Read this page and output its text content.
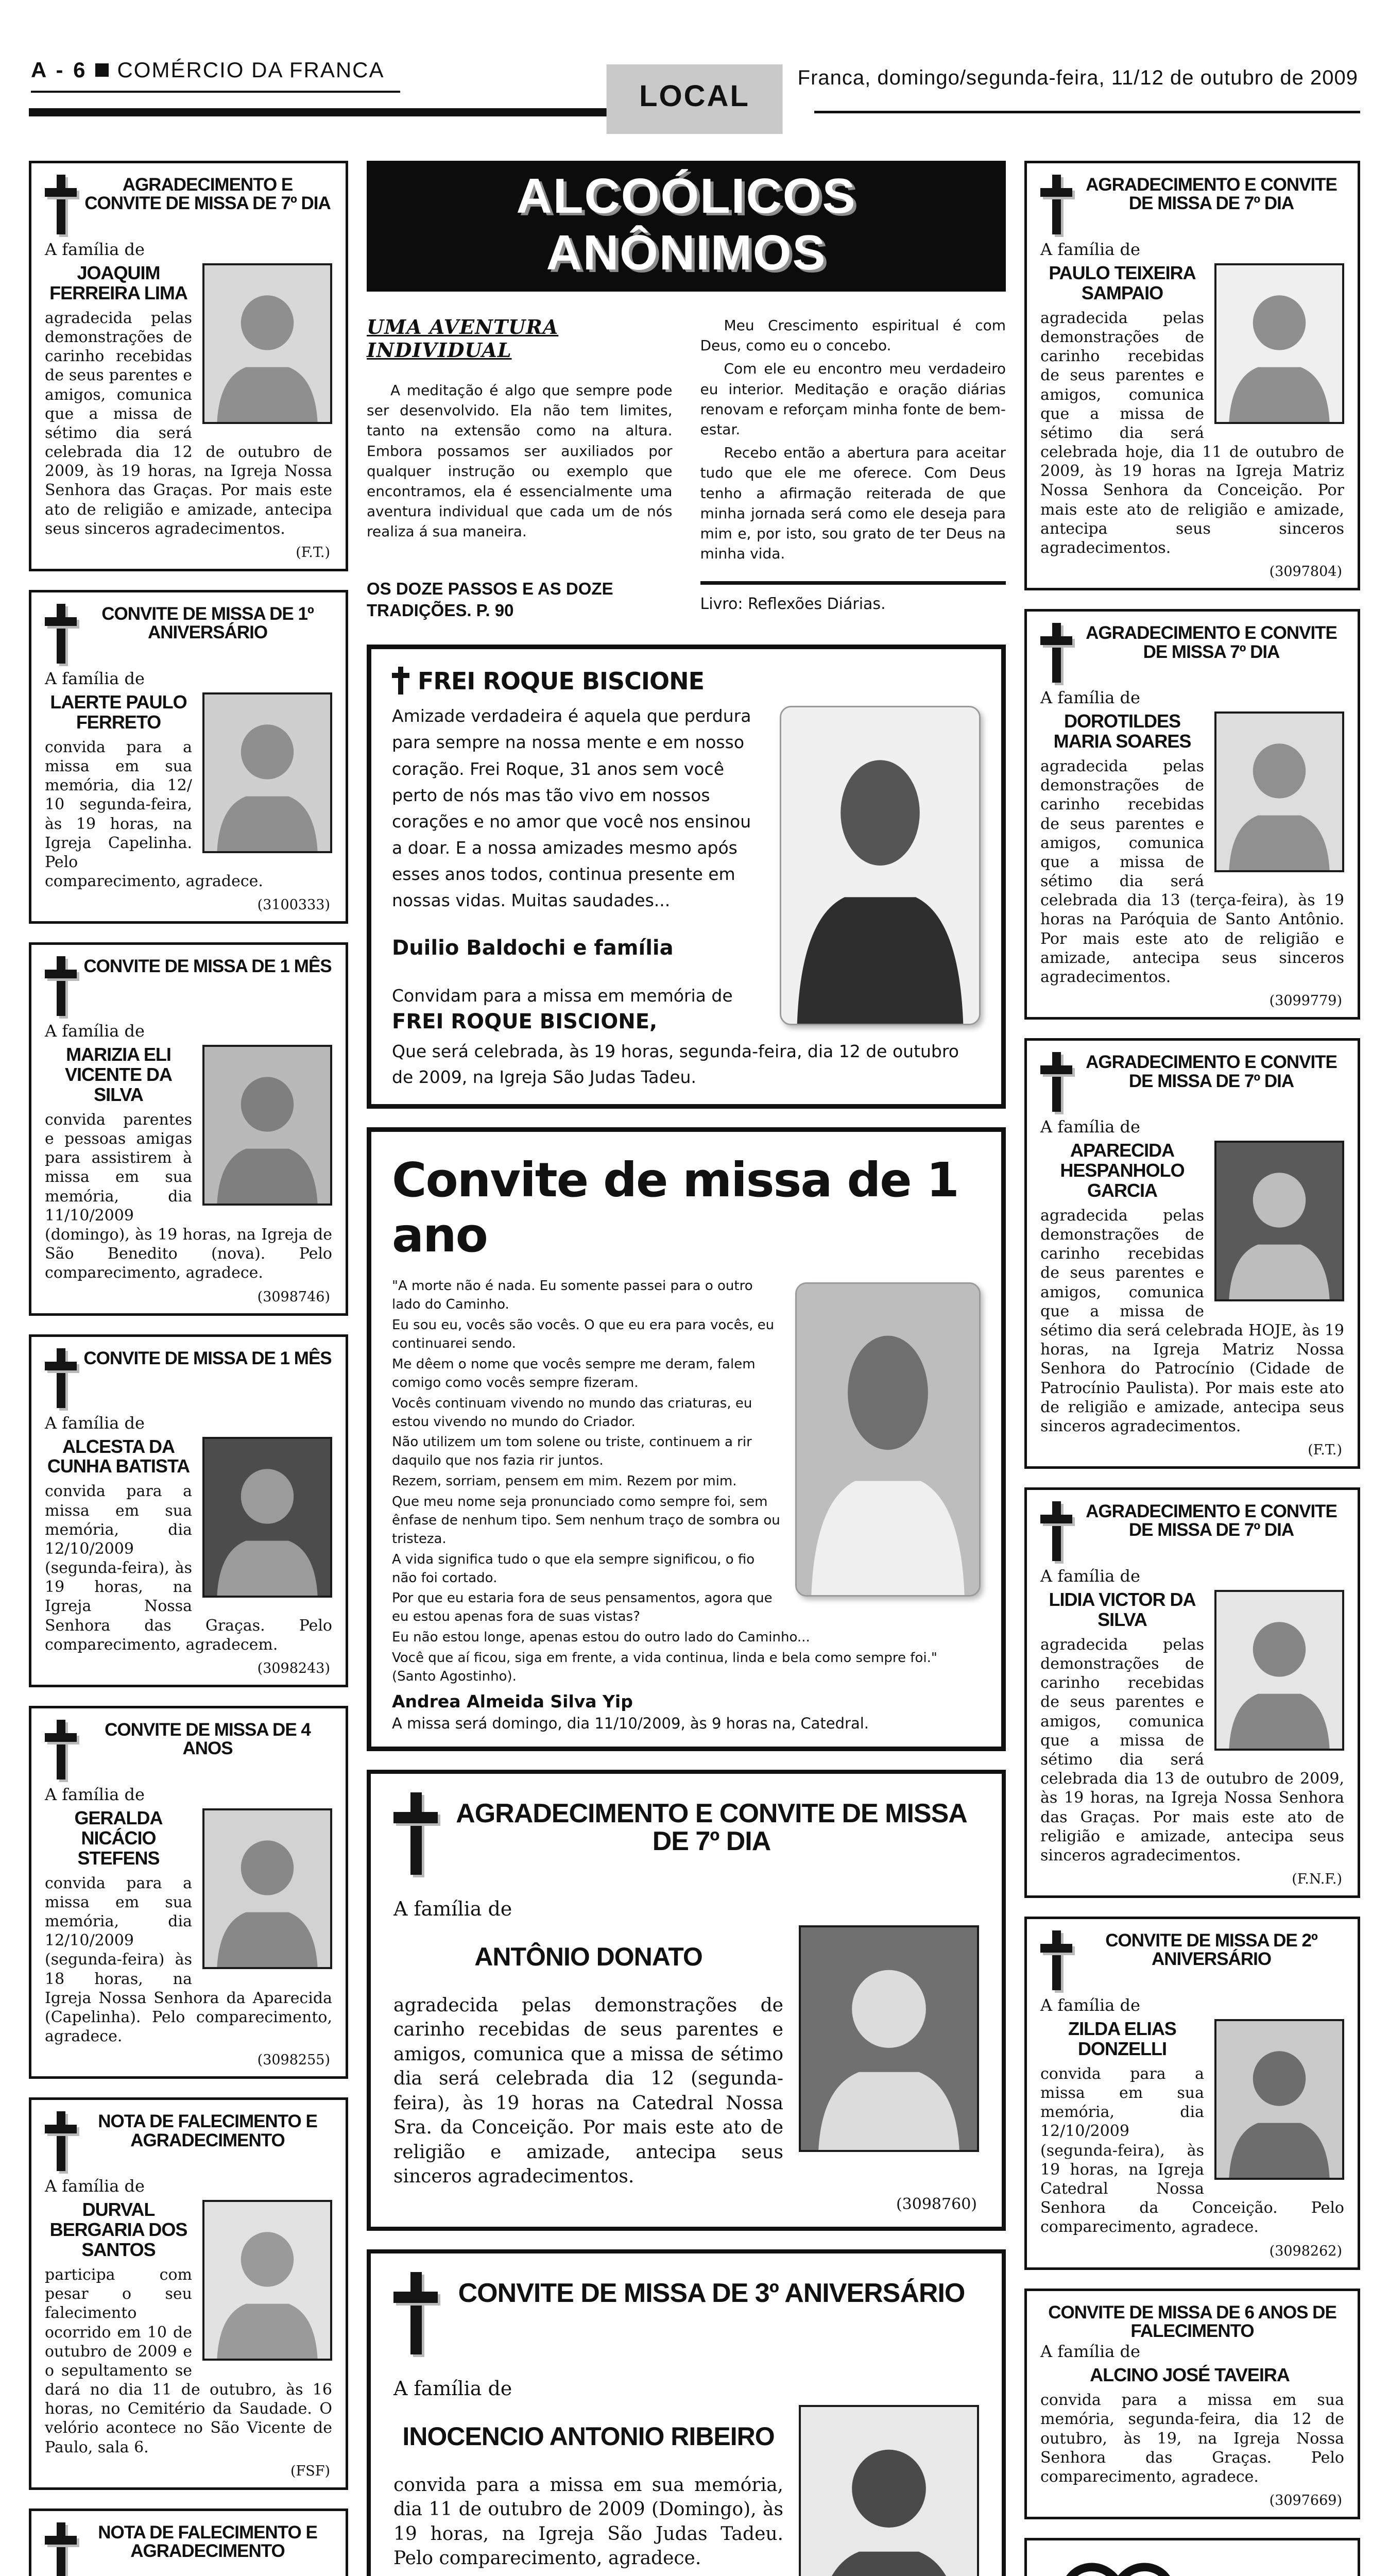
A - 6 COMÉRCIO DA FRANCA	Franca, domingo/segunda-feira, 11/12 de outubro de 2009
LOCAL
AGRADECIMENTO E CONVITE DE MISSA DE 7º DIA

A família de

JOAQUIM FERREIRA LIMA

agradecida pelas demonstrações de carinho recebidas de seus parentes e amigos, comunica que a missa de sétimo dia será celebrada dia 12 de outubro de 2009, às 19 horas, na Igreja Nossa Senhora das Graças. Por mais este ato de religião e amizade, antecipa seus sinceros agradecimentos.

(F.T.)

CONVITE DE MISSA DE 1º ANIVERSÁRIO

A família de

LAERTE PAULO FERRETO

convida para a missa em sua memória, dia 12/ 10 segunda-feira, às 19 horas, na Igreja Capelinha. Pelo comparecimento, agradece.

(3100333)

CONVITE DE MISSA DE 1 MÊS

A família de

MARIZIA ELI VICENTE DA SILVA

convida parentes e pessoas amigas para assistirem à missa em sua memória, dia 11/10/2009 (domingo), às 19 horas, na Igreja de São Benedito (nova). Pelo comparecimento, agradece.

(3098746)

CONVITE DE MISSA DE 1 MÊS

A família de

ALCESTA DA CUNHA BATISTA

convida para a missa em sua memória, dia 12/10/2009 (segunda-feira), às 19 horas, na Igreja Nossa Senhora das Graças. Pelo comparecimento, agradecem.

(3098243)

CONVITE DE MISSA DE 4 ANOS

A família de

GERALDA NICÁCIO STEFENS

convida para a missa em sua memória, dia 12/10/2009 (segunda-feira) às 18 horas, na Igreja Nossa Senhora da Aparecida (Capelinha). Pelo comparecimento, agradece.

(3098255)

NOTA DE FALECIMENTO E AGRADECIMENTO

A família de

DURVAL BERGARIA DOS SANTOS

participa com pesar o seu falecimento ocorrido em 10 de outubro de 2009 e o sepultamento se dará no dia 11 de outubro, às 16 horas, no Cemitério da Saudade. O velório acontece no São Vicente de Paulo, sala 6.

(FSF)

NOTA DE FALECIMENTO E AGRADECIMENTO

ALCOÓLICOS ANÔNIMOS
UMA AVENTURA INDIVIDUAL

A meditação é algo que sempre pode ser desenvolvido. Ela não tem limites, tanto na extensão como na altura. Embora possamos ser auxiliados por qualquer instrução ou exemplo que encontramos, ela é essencialmente uma aventura individual que cada um de nós realiza á sua maneira.

OS DOZE PASSOS E AS DOZE TRADIÇÕES. P. 90

Meu Crescimento espiritual é com Deus, como eu o concebo.

Com ele eu encontro meu verdadeiro eu interior. Meditação e oração diárias renovam e reforçam minha fonte de bem-estar.

Recebo então a abertura para aceitar tudo que ele me oferece. Com Deus tenho a afirmação reiterada de que minha jornada será como ele deseja para mim e, por isto, sou grato de ter Deus na minha vida.

Livro: Reflexões Diárias.

FREI ROQUE BISCIONE

Amizade verdadeira é aquela que perdura para sempre na nossa mente e em nosso coração. Frei Roque, 31 anos sem você perto de nós mas tão vivo em nossos corações e no amor que você nos ensinou a doar. E a nossa amizades mesmo após esses anos todos, continua presente em nossas vidas. Muitas saudades...

Duilio Baldochi e família

Convidam para a missa em memória de

FREI ROQUE BISCIONE,

Que será celebrada, às 19 horas, segunda-feira, dia 12 de outubro de 2009, na Igreja São Judas Tadeu.

Convite de missa de 1 ano

"A morte não é nada. Eu somente passei para o outro lado do Caminho.

Eu sou eu, vocês são vocês. O que eu era para vocês, eu continuarei sendo.

Me dêem o nome que vocês sempre me deram, falem comigo como vocês sempre fizeram.

Vocês continuam vivendo no mundo das criaturas, eu estou vivendo no mundo do Criador.

Não utilizem um tom solene ou triste, continuem a rir daquilo que nos fazia rir juntos.

Rezem, sorriam, pensem em mim. Rezem por mim.

Que meu nome seja pronunciado como sempre foi, sem ênfase de nenhum tipo. Sem nenhum traço de sombra ou tristeza.

A vida significa tudo o que ela sempre significou, o fio não foi cortado.

Por que eu estaria fora de seus pensamentos, agora que eu estou apenas fora de suas vistas?

Eu não estou longe, apenas estou do outro lado do Caminho...

Você que aí ficou, siga em frente, a vida continua, linda e bela como sempre foi." (Santo Agostinho).

Andrea Almeida Silva Yip

A missa será domingo, dia 11/10/2009, às 9 horas na, Catedral.

AGRADECIMENTO E CONVITE DE MISSA DE 7º DIA

A família de

ANTÔNIO DONATO

agradecida pelas demonstrações de carinho recebidas de seus parentes e amigos, comunica que a missa de sétimo dia será celebrada dia 12 (segunda-feira), às 19 horas na Catedral Nossa Sra. da Conceição. Por mais este ato de religião e amizade, antecipa seus sinceros agradecimentos.

(3098760)

CONVITE DE MISSA DE 3º ANIVERSÁRIO

A família de

INOCENCIO ANTONIO RIBEIRO

convida para a missa em sua memória, dia 11 de outubro de 2009 (Domingo), às 19 horas, na Igreja São Judas Tadeu. Pelo comparecimento, agradece.

AGRADECIMENTO E CONVITE DE MISSA DE 7º DIA

A família de

PAULO TEIXEIRA SAMPAIO

agradecida pelas demonstrações de carinho recebidas de seus parentes e amigos, comunica que a missa de sétimo dia será celebrada hoje, dia 11 de outubro de 2009, às 19 horas na Igreja Matriz Nossa Senhora da Conceição. Por mais este ato de religião e amizade, antecipa seus sinceros agradecimentos.

(3097804)

AGRADECIMENTO E CONVITE DE MISSA 7º DIA

A família de

DOROTILDES MARIA SOARES

agradecida pelas demonstrações de carinho recebidas de seus parentes e amigos, comunica que a missa de sétimo dia será celebrada dia 13 (terça-feira), às 19 horas na Paróquia de Santo Antônio. Por mais este ato de religião e amizade, antecipa seus sinceros agradecimentos.

(3099779)

AGRADECIMENTO E CONVITE DE MISSA DE 7º DIA

A família de

APARECIDA HESPANHOLO GARCIA

agradecida pelas demonstrações de carinho recebidas de seus parentes e amigos, comunica que a missa de sétimo dia será celebrada HOJE, às 19 horas, na Igreja Matriz Nossa Senhora do Patrocínio (Cidade de Patrocínio Paulista). Por mais este ato de religião e amizade, antecipa seus sinceros agradecimentos.

(F.T.)

AGRADECIMENTO E CONVITE DE MISSA DE 7º DIA

A família de

LIDIA VICTOR DA SILVA

agradecida pelas demonstrações de carinho recebidas de seus parentes e amigos, comunica que a missa de sétimo dia será celebrada dia 13 de outubro de 2009, às 19 horas, na Igreja Nossa Senhora das Graças. Por mais este ato de religião e amizade, antecipa seus sinceros agradecimentos.

(F.N.F.)

CONVITE DE MISSA DE 2º ANIVERSÁRIO

A família de

ZILDA ELIAS DONZELLI

convida para a missa em sua memória, dia 12/10/2009 (segunda-feira), às 19 horas, na Igreja Catedral Nossa Senhora da Conceição. Pelo comparecimento, agradece.

(3098262)

CONVITE DE MISSA DE 6 ANOS DE FALECIMENTO

A família de

ALCINO JOSÉ TAVEIRA

convida para a missa em sua memória, segunda-feira, dia 12 de outubro, às 19, na Igreja Nossa Senhora das Graças. Pelo comparecimento, agradece.

(3097669)
